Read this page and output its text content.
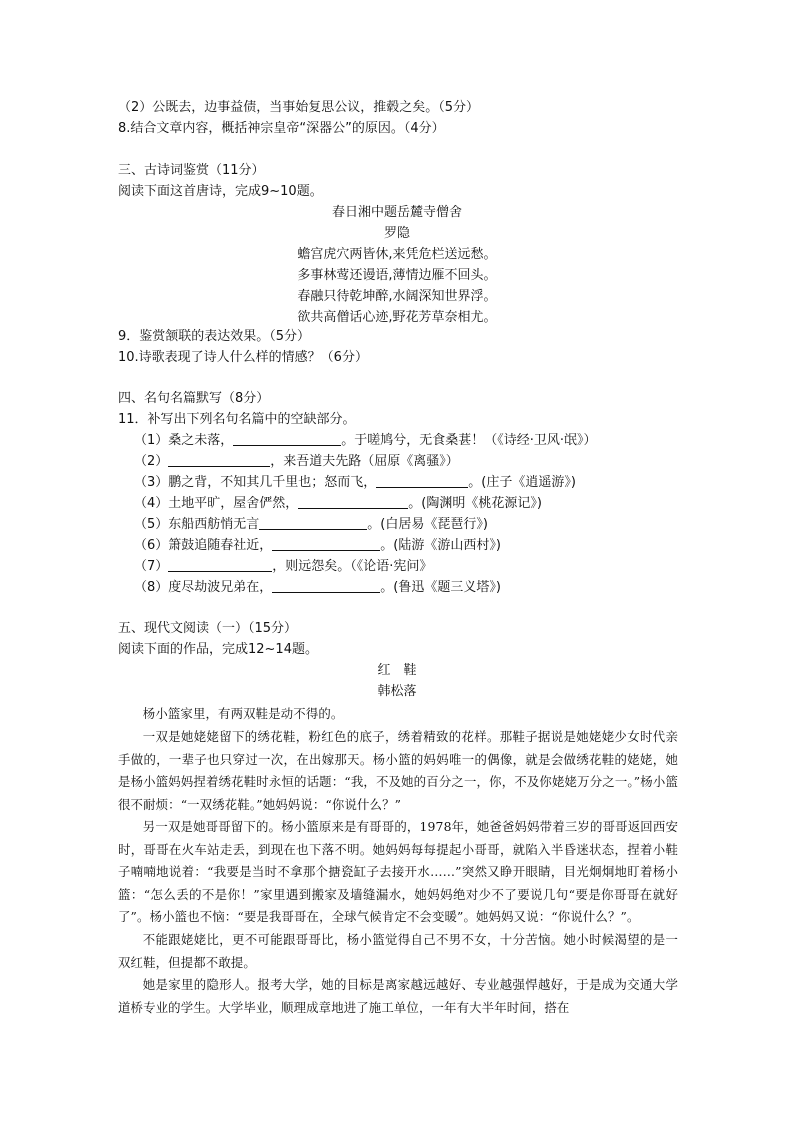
（2）公既去，边事益债，当事始复思公议，推毂之矣。（5分）
8.结合文章内容，概括神宗皇帝“深器公”的原因。（4分）
三、古诗词鉴赏（11分）
阅读下面这首唐诗，完成9~10题。
春日湘中题岳麓寺僧舍
罗隐
蟾宫虎穴两皆休,来凭危栏送远愁。
多事林莺还谩语,薄情边雁不回头。
春融只待乾坤醉,水阔深知世界浮。
欲共高僧话心迹,野花芳草奈相尤。
9．鉴赏颔联的表达效果。（5分）
10.诗歌表现了诗人什么样的情感？（6分）
四、名句名篇默写（8分）
11．补写出下列名句名篇中的空缺部分。
（1）桑之未落，	。于嗟鸠兮，无食桑葚！（《诗经·卫风·氓》）
（2）	，来吾道夫先路（屈原《离骚》）
（3）鹏之背，不知其几千里也；怒而飞，	。(庄子《逍遥游》)
（4）土地平旷，屋舍俨然，	。(陶渊明《桃花源记》)
（5）东船西舫悄无言	。(白居易《琵琶行》)
（6）箫鼓追随春社近，	。(陆游《游山西村》)
（7）	，则远怨矣。（《论语·宪问》
（8）度尽劫波兄弟在，	。(鲁迅《题三义塔》)
五、现代文阅读（一）（15分）
阅读下面的作品，完成12~14题。
红　鞋
韩松落
杨小篮家里，有两双鞋是动不得的。
一双是她姥姥留下的绣花鞋，粉红色的底子，绣着精致的花样。那鞋子据说是她姥姥少女时代亲手做的，一辈子也只穿过一次，在出嫁那天。杨小篮的妈妈唯一的偶像，就是会做绣花鞋的姥姥，她是杨小篮妈妈捏着绣花鞋时永恒的话题：“我，不及她的百分之一，你，不及你姥姥万分之一。”杨小篮很不耐烦：“一双绣花鞋。”她妈妈说：“你说什么？”
另一双是她哥哥留下的。杨小篮原来是有哥哥的，1978年，她爸爸妈妈带着三岁的哥哥返回西安时，哥哥在火车站走丢，到现在也下落不明。她妈妈每每提起小哥哥，就陷入半昏迷状态，捏着小鞋子喃喃地说着：“我要是当时不拿那个搪瓷缸子去接开水……”突然又睁开眼睛，目光炯炯地盯着杨小篮：“怎么丢的不是你！”家里遇到搬家及墙缝漏水，她妈妈绝对少不了要说几句“要是你哥哥在就好了”。杨小篮也不恼：“要是我哥哥在，全球气候肯定不会变暖”。她妈妈又说：“你说什么？”。
不能跟姥姥比，更不可能跟哥哥比，杨小篮觉得自己不男不女，十分苦恼。她小时候渴望的是一双红鞋，但提都不敢提。
她是家里的隐形人。报考大学，她的目标是离家越远越好、专业越强悍越好，于是成为交通大学道桥专业的学生。大学毕业，顺理成章地进了施工单位，一年有大半年时间，搭在
